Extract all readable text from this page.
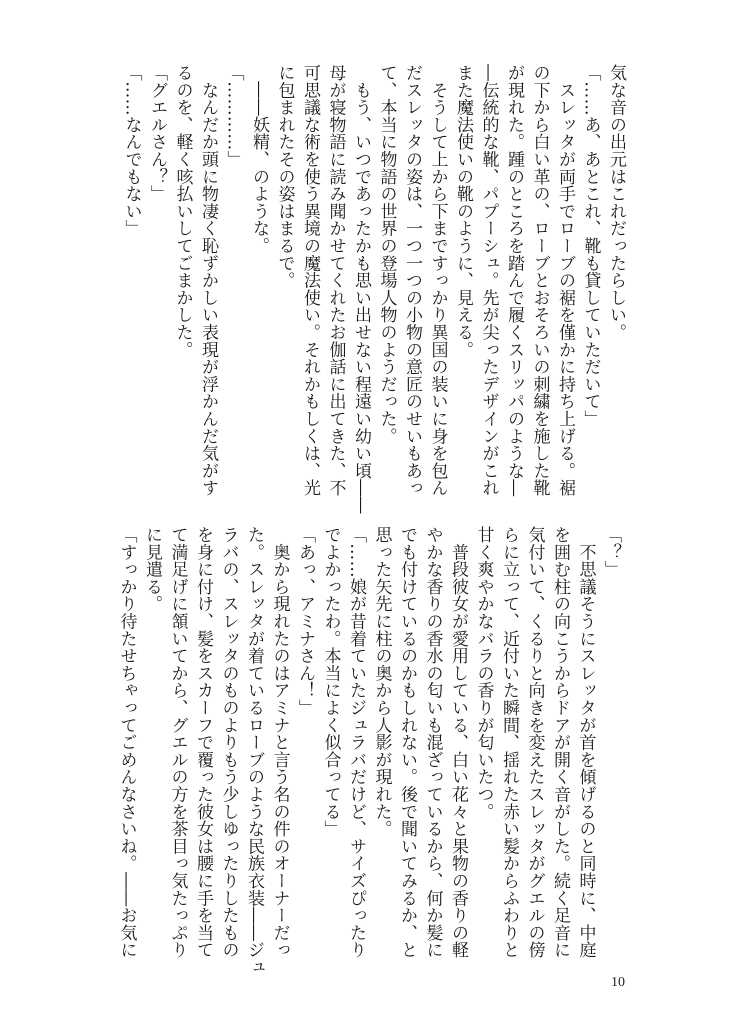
気な音の出元はこれだったらしい。
「……あ、あとこれ、靴も貸していただいて」
　スレッタが両手でローブの裾を僅かに持ち上げる。裾
の下から白い革の、ローブとおそろいの刺繍を施した靴
が現れた。踵のところを踏んで履くスリッパのような―
―伝統的な靴、パプーシュ。先が尖ったデザインがこれ
また魔法使いの靴のように、見える。
　そうして上から下まですっかり異国の装いに身を包ん
だスレッタの姿は、一つ一つの小物の意匠のせいもあっ
て、本当に物語の世界の登場人物のようだった。
　もう、いつであったかも思い出せない程遠い幼い頃――
母が寝物語に読み聞かせてくれたお伽話に出てきた、不
可思議な術を使う異境の魔法使い。それかもしくは、光
に包まれたその姿はまるで。
　――妖精、のような。
「…………」
　なんだか頭に物凄く恥ずかしい表現が浮かんだ気がす
るのを、軽く咳払いしてごまかした。
「グエルさん？」
「……なんでもない」
「？」
　不思議そうにスレッタが首を傾げるのと同時に、中庭
を囲む柱の向こうからドアが開く音がした。続く足音に
気付いて、くるりと向きを変えたスレッタがグエルの傍
らに立って、近付いた瞬間、揺れた赤い髪からふわりと
甘く爽やかなバラの香りが匂いたつ。
　普段彼女が愛用している、白い花々と果物の香りの軽
やかな香りの香水の匂いも混ざっているから、何か髪に
でも付けているのかもしれない。後で聞いてみるか、と
思った矢先に柱の奥から人影が現れた。
「……娘が昔着ていたジュラバだけど、サイズぴったり
でよかったわ。本当によく似合ってる」
「あっ、アミナさん！」
　奥から現れたのはアミナと言う名の件のオーナーだっ
た。スレッタが着ているローブのような民族衣装――ジュ
ラバの、スレッタのものよりもう少しゆったりしたもの
を身に付け、髪をスカーフで覆った彼女は腰に手を当て
て満足げに頷いてから、グエルの方を茶目っ気たっぷり
に見遣る。
「すっかり待たせちゃってごめんなさいね。――お気に
10
